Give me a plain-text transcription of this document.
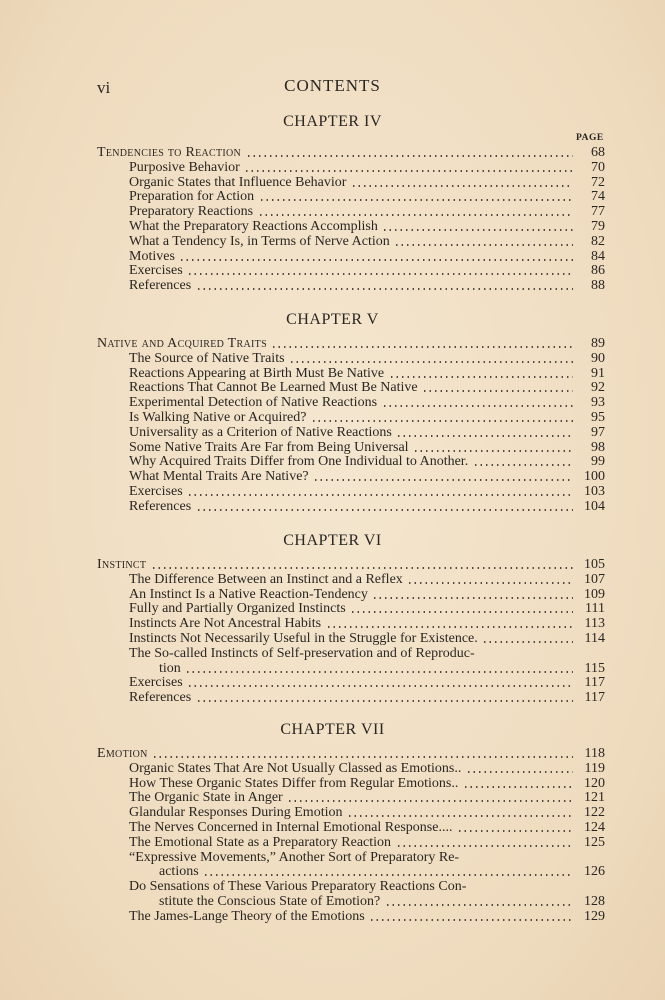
vi	CONTENTS
PAGE
CHAPTER IV
Tendencies to Reaction	68
Purposive Behavior	70
Organic States that Influence Behavior	72
Preparation for Action	74
Preparatory Reactions	77
What the Preparatory Reactions Accomplish	79
What a Tendency Is, in Terms of Nerve Action	82
Motives	84
Exercises	86
References	88
CHAPTER V
Native and Acquired Traits	89
The Source of Native Traits	90
Reactions Appearing at Birth Must Be Native	91
Reactions That Cannot Be Learned Must Be Native	92
Experimental Detection of Native Reactions	93
Is Walking Native or Acquired?	95
Universality as a Criterion of Native Reactions	97
Some Native Traits Are Far from Being Universal	98
Why Acquired Traits Differ from One Individual to Another.	99
What Mental Traits Are Native?	100
Exercises	103
References	104
CHAPTER VI
Instinct	105
The Difference Between an Instinct and a Reflex	107
An Instinct Is a Native Reaction-Tendency	109
Fully and Partially Organized Instincts	111
Instincts Are Not Ancestral Habits	113
Instincts Not Necessarily Useful in the Struggle for Existence.	114
The So-called Instincts of Self-preservation and of Reproduc-
tion	115
Exercises	117
References	117
CHAPTER VII
Emotion	118
Organic States That Are Not Usually Classed as Emotions..	119
How These Organic States Differ from Regular Emotions..	120
The Organic State in Anger	121
Glandular Responses During Emotion	122
The Nerves Concerned in Internal Emotional Response....	124
The Emotional State as a Preparatory Reaction	125
“Expressive Movements,” Another Sort of Preparatory Re-
actions	126
Do Sensations of These Various Preparatory Reactions Con-
stitute the Conscious State of Emotion?	128
The James-Lange Theory of the Emotions	129
